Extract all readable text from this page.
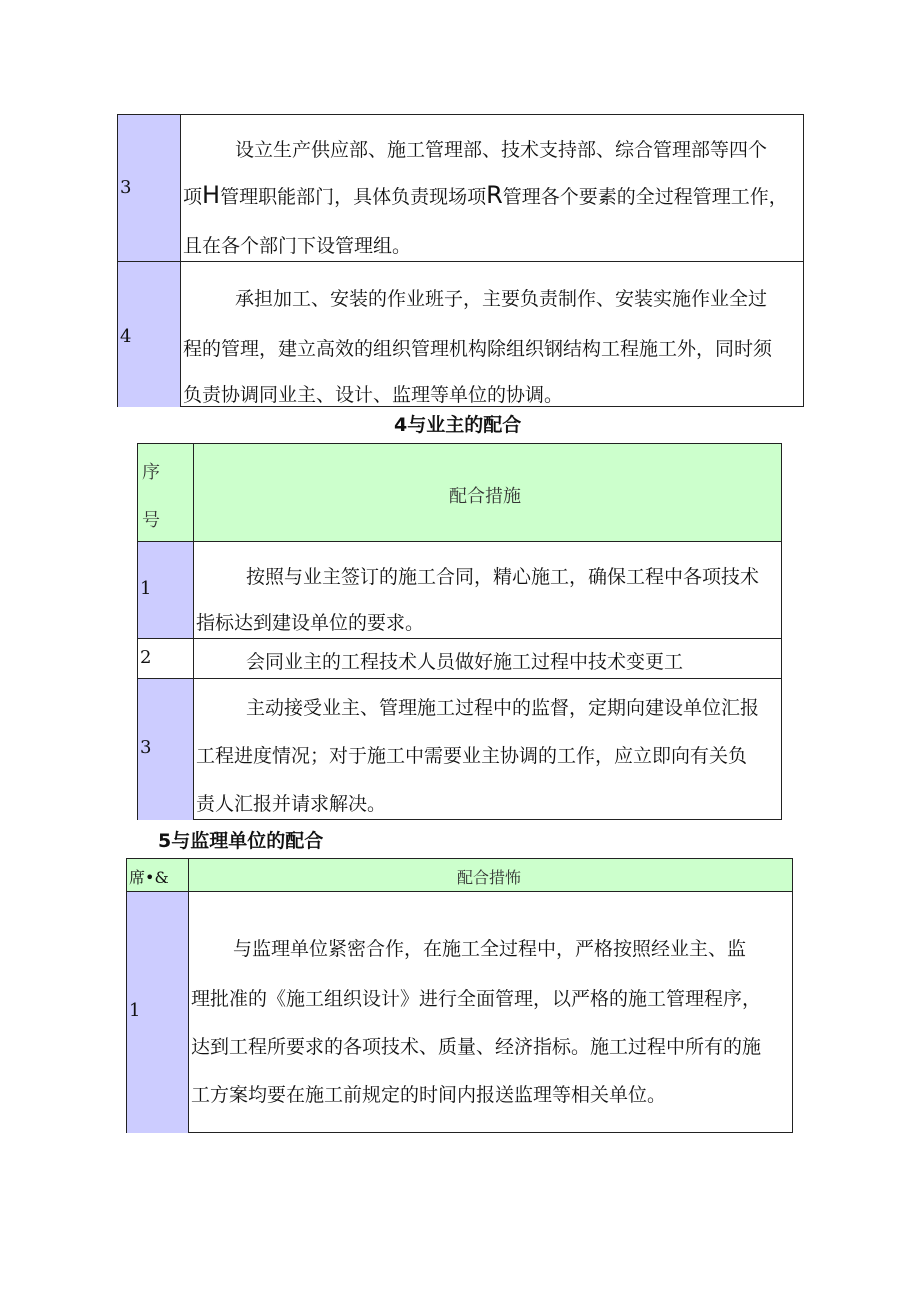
3
设立生产供应部、施工管理部、技术支持部、综合管理部等四个
项H管理职能部门，具体负责现场项R管理各个要素的全过程管理工作，
且在各个部门下设管理组。
4
承担加工、安装的作业班子，主要负责制作、安装实施作业全过
程的管理，建立高效的组织管理机构除组织钢结构工程施工外，同时须
负责协调同业主、设计、监理等单位的协调。
4与业主的配合
序
号
配合措施
1
按照与业主签订的施工合同，精心施工，确保工程中各项技术
指标达到建设单位的要求。
2	会同业主的工程技术人员做好施工过程中技术变更工
3
主动接受业主、管理施工过程中的监督，定期向建设单位汇报
工程进度情况；对于施工中需要业主协调的工作，应立即向有关负
责人汇报并请求解决。
5与监理单位的配合
席•&	配合措怖
1
与监理单位紧密合作，在施工全过程中，严格按照经业主、监
理批准的《施工组织设计》进行全面管理，以严格的施工管理程序，
达到工程所要求的各项技术、质量、经济指标。施工过程中所有的施
工方案均要在施工前规定的时间内报送监理等相关单位。
